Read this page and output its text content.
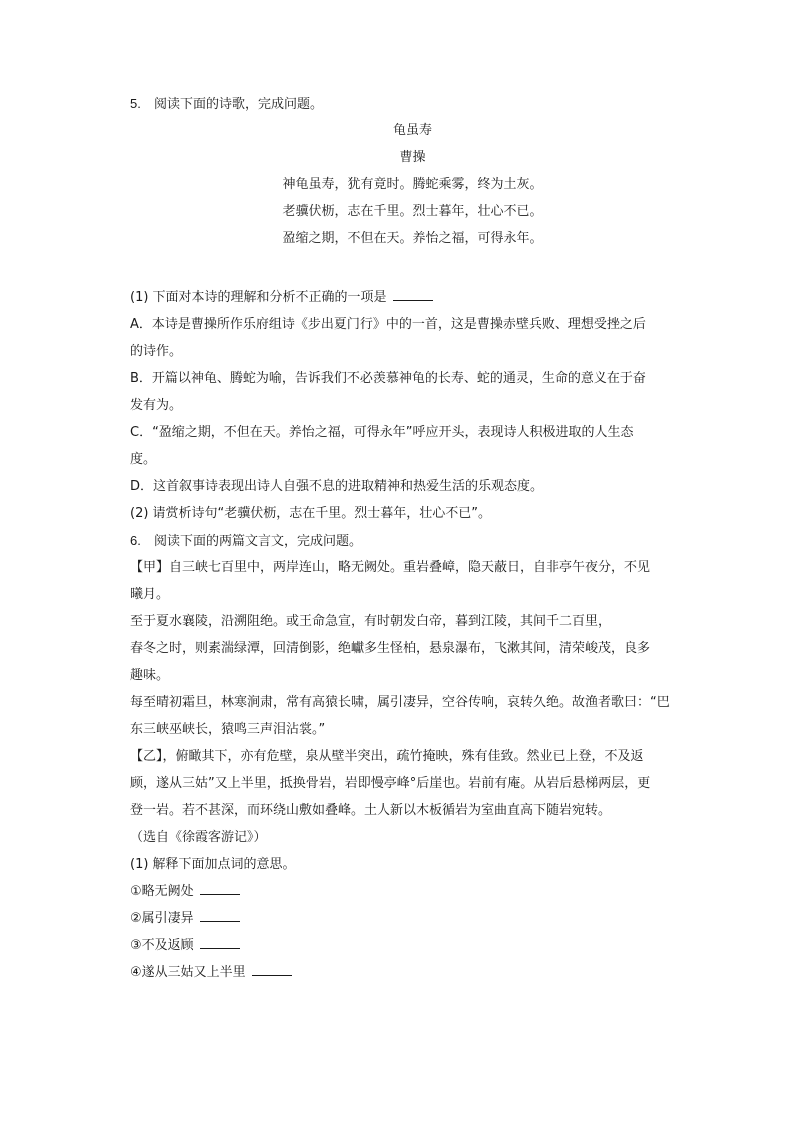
5. 阅读下面的诗歌，完成问题。
龟虽寿
曹操
神龟虽寿，犹有竟时。腾蛇乘雾，终为土灰。
老骥伏枥，志在千里。烈士暮年，壮心不已。
盈缩之期，不但在天。养怡之福，可得永年。
(1) 下面对本诗的理解和分析不正确的一项是
A．本诗是曹操所作乐府组诗《步出夏门行》中的一首，这是曹操赤壁兵败、理想受挫之后
的诗作。
B．开篇以神龟、腾蛇为喻，告诉我们不必羡慕神龟的长寿、蛇的通灵，生命的意义在于奋
发有为。
C．“盈缩之期，不但在天。养怡之福，可得永年”呼应开头，表现诗人积极进取的人生态
度。
D．这首叙事诗表现出诗人自强不息的进取精神和热爱生活的乐观态度。
(2) 请赏析诗句“老骥伏枥，志在千里。烈士暮年，壮心不已”。
6. 阅读下面的两篇文言文，完成问题。
【甲】自三峡七百里中，两岸连山，略无阙处。重岩叠嶂，隐天蔽日，自非亭午夜分，不见
曦月。
至于夏水襄陵，沿溯阻绝。或王命急宣，有时朝发白帝，暮到江陵，其间千二百里，
春冬之时，则素湍绿潭，回清倒影，绝巘多生怪柏，悬泉瀑布，飞漱其间，清荣峻茂，良多
趣味。
每至晴初霜旦，林寒涧肃，常有高猿长啸，属引凄异，空谷传响，哀转久绝。故渔者歌曰：“巴
东三峡巫峡长，猿鸣三声泪沾裳。”
【乙】，俯瞰其下，亦有危壁，泉从壁半突出，疏竹掩映，殊有佳致。然业已上登，不及返
顾，遂从三姑”又上半里，抵换骨岩，岩即慢亭峰°后崖也。岩前有庵。从岩后悬梯两层，更
登一岩。若不甚深，而环绕山敷如叠峰。土人新以木板循岩为室曲直高下随岩宛转。
（选自《徐霞客游记》）
(1) 解释下面加点词的意思。
①略无阙处
②属引凄异
③不及返顾
④遂从三姑又上半里
